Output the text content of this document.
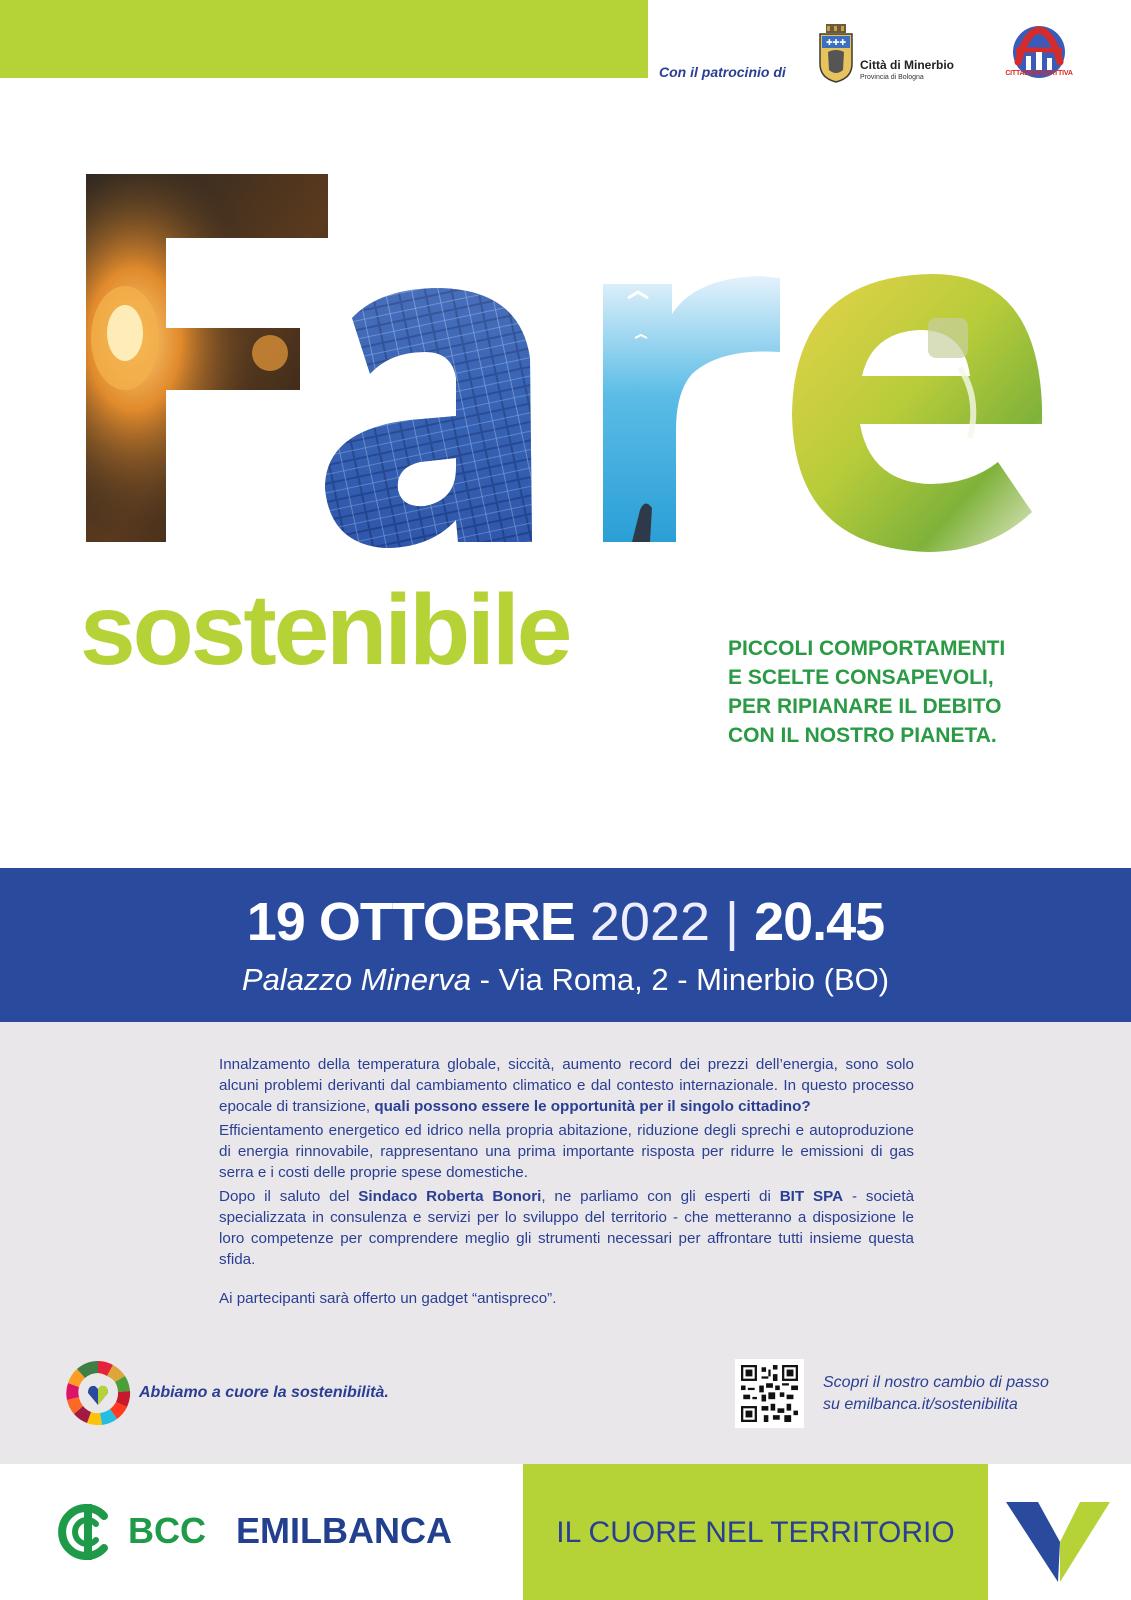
Con il patrocinio di
✚✚✚
Città di Minerbio
Provincia di Bologna
CITTADINANZATTIVA
Fare
sostenibile	PICCOLI COMPORTAMENTI
E SCELTE CONSAPEVOLI,
PER RIPIANARE IL DEBITO
CON IL NOSTRO PIANETA.
19 OTTOBRE 2022 | 20.45
Palazzo Minerva - Via Roma, 2 - Minerbio (BO)

Innalzamento della temperatura globale, siccità, aumento record dei prezzi dell’energia, sono solo alcuni problemi derivanti dal cambiamento climatico e dal contesto internazionale. In questo processo epocale di transizione, quali possono essere le opportunità per il singolo cittadino?

Efficientamento energetico ed idrico nella propria abitazione, riduzione degli sprechi e autoproduzione di energia rinnovabile, rappresentano una prima importante risposta per ridurre le emissioni di gas serra e i costi delle proprie spese domestiche.

Dopo il saluto del Sindaco Roberta Bonori, ne parliamo con gli esperti di BIT SPA - società specializzata in consulenza e servizi per lo sviluppo del territorio - che metteranno a disposizione le loro competenze per comprendere meglio gli strumenti necessari per affrontare tutti insieme questa sfida.

Ai partecipanti sarà offerto un gadget “antispreco”.
Abbiamo a cuore la sostenibilità.
Scopri il nostro cambio di passo
su emilbanca.it/sostenibilita
BCC EMILBANCA	IL CUORE NEL TERRITORIO
